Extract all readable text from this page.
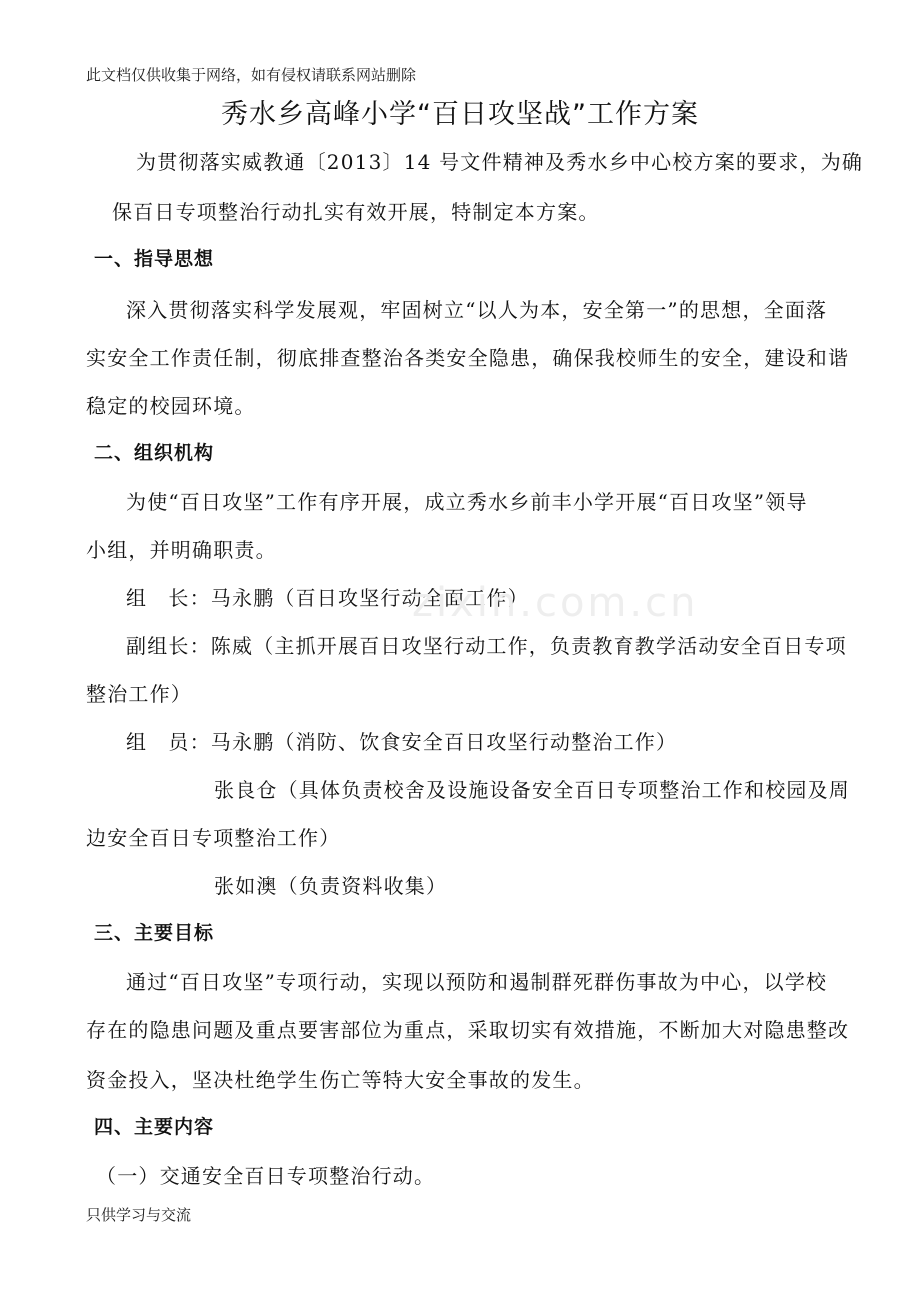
此文档仅供收集于网络，如有侵权请联系网站删除
秀水乡高峰小学“百日攻坚战”工作方案
为贯彻落实威教通〔2013〕14 号文件精神及秀水乡中心校方案的要求，为确
保百日专项整治行动扎实有效开展，特制定本方案。
一、指导思想
深入贯彻落实科学发展观，牢固树立“以人为本，安全第一”的思想，全面落
实安全工作责任制，彻底排查整治各类安全隐患，确保我校师生的安全，建设和谐
稳定的校园环境。
二、组织机构
为使“百日攻坚”工作有序开展，成立秀水乡前丰小学开展“百日攻坚”领导
小组，并明确职责。
组　长：马永鹏（百日攻坚行动全面工作）
副组长：陈威（主抓开展百日攻坚行动工作，负责教育教学活动安全百日专项
整治工作）
组　员：马永鹏（消防、饮食安全百日攻坚行动整治工作）
张良仓（具体负责校舍及设施设备安全百日专项整治工作和校园及周
边安全百日专项整治工作）
张如澳（负责资料收集）
三、主要目标
通过“百日攻坚”专项行动，实现以预防和遏制群死群伤事故为中心，以学校
存在的隐患问题及重点要害部位为重点，采取切实有效措施，不断加大对隐患整改
资金投入，坚决杜绝学生伤亡等特大安全事故的发生。
四、主要内容
（一）交通安全百日专项整治行动。
zixin.com.cn
只供学习与交流
